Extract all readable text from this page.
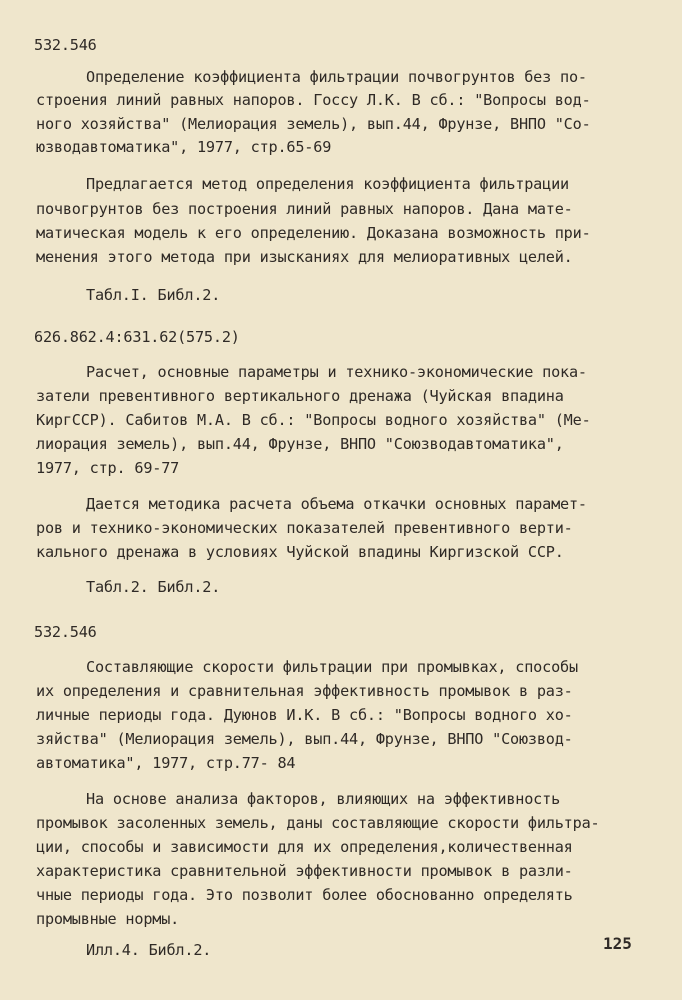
532.546
Определение коэффициента фильтрации почвогрунтов без по-
строения линий равных напоров. Госсу Л.К. В сб.: "Вопросы вод-
ного хозяйства" (Мелиорация земель), вып.44, Фрунзе, ВНПО "Со-
юзводавтоматика", 1977, стр.65-69
Предлагается метод определения коэффициента фильтрации
почвогрунтов без построения линий равных напоров. Дана мате-
матическая модель к его определению. Доказана возможность при-
менения этого метода при изысканиях для мелиоративных целей.
Табл.I. Библ.2.
626.862.4:631.62(575.2)
Расчет, основные параметры и технико-экономические пока-
затели превентивного вертикального дренажа (Чуйская впадина
КиргССР). Сабитов М.А. В сб.: "Вопросы водного хозяйства" (Ме-
лиорация земель), вып.44, Фрунзе, ВНПО "Союзводавтоматика",
1977, стр. 69-77
Дается методика расчета объема откачки основных парамет-
ров и технико-экономических показателей превентивного верти-
кального дренажа в условиях Чуйской впадины Киргизской ССР.
Табл.2. Библ.2.
532.546
Составляющие скорости фильтрации при промывках, способы
их определения и сравнительная эффективность промывок в раз-
личные периоды года. Дуюнов И.К. В сб.: "Вопросы водного хо-
зяйства" (Мелиорация земель), вып.44, Фрунзе, ВНПО "Союзвод-
автоматика", 1977, стр.77- 84
На основе анализа факторов, влияющих на эффективность
промывок засоленных земель, даны составляющие скорости фильтра-
ции, способы и зависимости для их определения,количественная
характеристика сравнительной эффективности промывок в разли-
чные периоды года. Это позволит более обоснованно определять
промывные нормы.
Илл.4. Библ.2.	125
